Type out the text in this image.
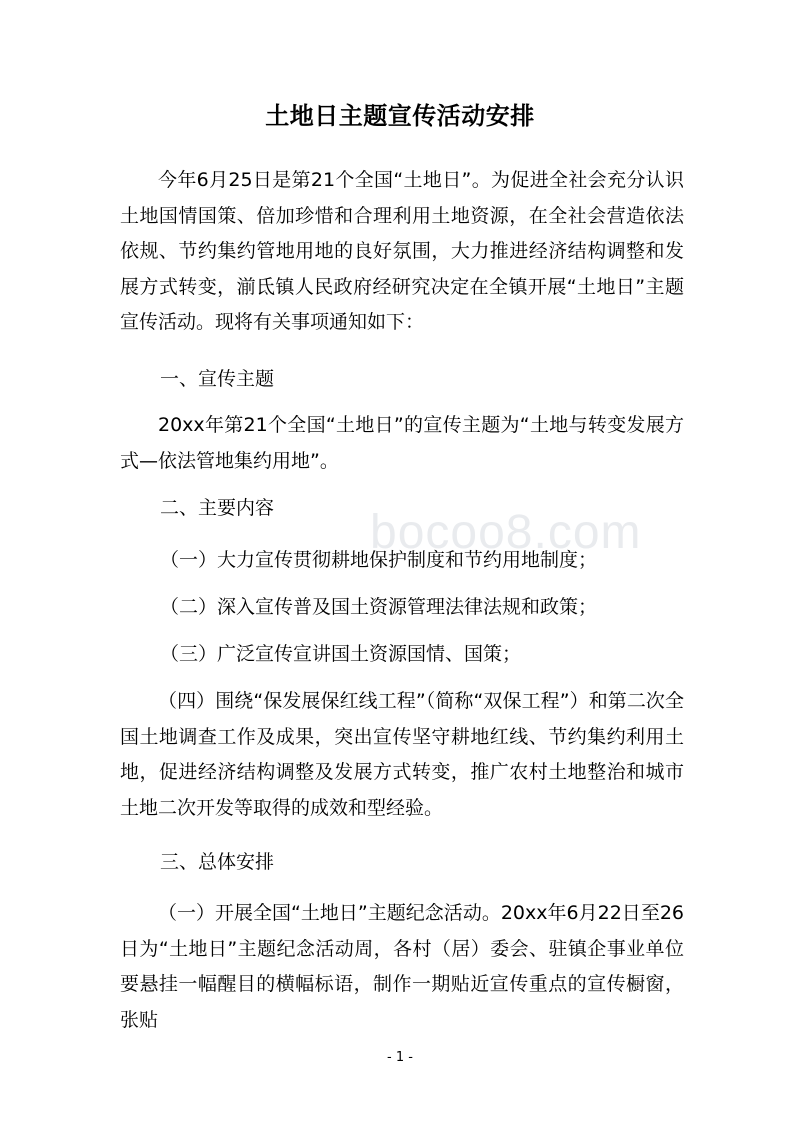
bocoo8.com
土地日主题宣传活动安排
今年6月25日是第21个全国“土地日”。为促进全社会充分认识土地国情国策、倍加珍惜和合理利用土地资源，在全社会营造依法依规、节约集约管地用地的良好氛围，大力推进经济结构调整和发展方式转变，湔氐镇人民政府经研究决定在全镇开展“土地日”主题宣传活动。现将有关事项通知如下：
一、宣传主题
20xx年第21个全国“土地日”的宣传主题为“土地与转变发展方式—依法管地集约用地”。
二、主要内容
（一）大力宣传贯彻耕地保护制度和节约用地制度；
（二）深入宣传普及国土资源管理法律法规和政策；
（三）广泛宣传宣讲国土资源国情、国策；
（四）围绕“保发展保红线工程”（简称“双保工程”）和第二次全国土地调查工作及成果，突出宣传坚守耕地红线、节约集约利用土地，促进经济结构调整及发展方式转变，推广农村土地整治和城市土地二次开发等取得的成效和型经验。
三、总体安排
（一）开展全国“土地日”主题纪念活动。20xx年6月22日至26日为“土地日”主题纪念活动周，各村（居）委会、驻镇企事业单位要悬挂一幅醒目的横幅标语，制作一期贴近宣传重点的宣传橱窗，张贴
- 1 -
